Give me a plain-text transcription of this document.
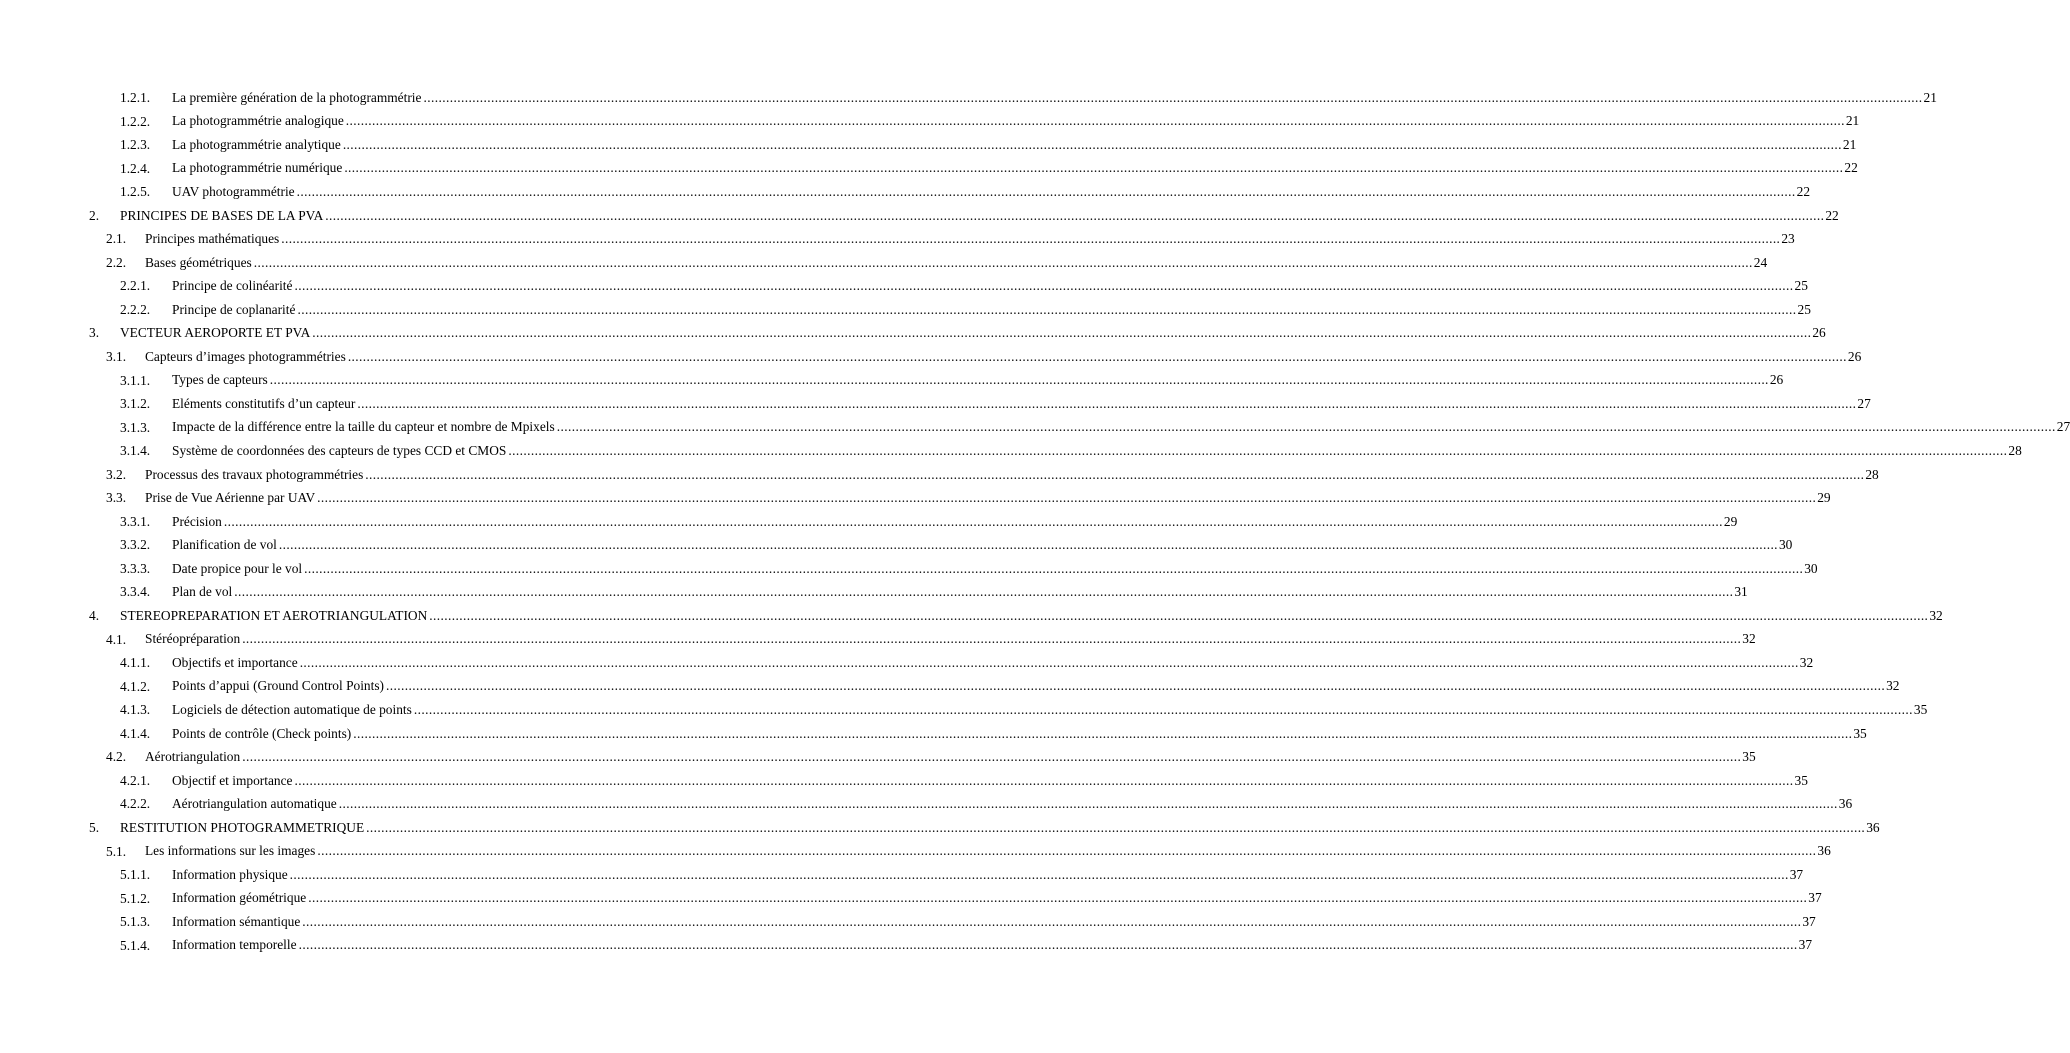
1.2.1. La première génération de la photogrammétrie ................................................................................................................................................................................................................................................................................................................................................................................................................ 21
1.2.2. La photogrammétrie analogique ................................................................................................................................................................................................................................................................................................................................................................................................................ 21
1.2.3. La photogrammétrie analytique ................................................................................................................................................................................................................................................................................................................................................................................................................ 21
1.2.4. La photogrammétrie numérique ................................................................................................................................................................................................................................................................................................................................................................................................................ 22
1.2.5. UAV photogrammétrie ................................................................................................................................................................................................................................................................................................................................................................................................................ 22
2. PRINCIPES DE BASES DE LA PVA ................................................................................................................................................................................................................................................................................................................................................................................................................ 22
2.1. Principes mathématiques ................................................................................................................................................................................................................................................................................................................................................................................................................ 23
2.2. Bases géométriques ................................................................................................................................................................................................................................................................................................................................................................................................................ 24
2.2.1. Principe de colinéarité ................................................................................................................................................................................................................................................................................................................................................................................................................ 25
2.2.2. Principe de coplanarité ................................................................................................................................................................................................................................................................................................................................................................................................................ 25
3. VECTEUR AEROPORTE ET PVA ................................................................................................................................................................................................................................................................................................................................................................................................................ 26
3.1. Capteurs d’images photogrammétries ................................................................................................................................................................................................................................................................................................................................................................................................................ 26
3.1.1. Types de capteurs ................................................................................................................................................................................................................................................................................................................................................................................................................ 26
3.1.2. Eléments constitutifs d’un capteur ................................................................................................................................................................................................................................................................................................................................................................................................................ 27
3.1.3. Impacte de la différence entre la taille du capteur et nombre de Mpixels ................................................................................................................................................................................................................................................................................................................................................................................................................ 27
3.1.4. Système de coordonnées des capteurs de types CCD et CMOS ................................................................................................................................................................................................................................................................................................................................................................................................................ 28
3.2. Processus des travaux photogrammétries ................................................................................................................................................................................................................................................................................................................................................................................................................ 28
3.3. Prise de Vue Aérienne par UAV ................................................................................................................................................................................................................................................................................................................................................................................................................ 29
3.3.1. Précision ................................................................................................................................................................................................................................................................................................................................................................................................................ 29
3.3.2. Planification de vol ................................................................................................................................................................................................................................................................................................................................................................................................................ 30
3.3.3. Date propice pour le vol ................................................................................................................................................................................................................................................................................................................................................................................................................ 30
3.3.4. Plan de vol ................................................................................................................................................................................................................................................................................................................................................................................................................ 31
4. STEREOPREPARATION ET AEROTRIANGULATION ................................................................................................................................................................................................................................................................................................................................................................................................................ 32
4.1. Stéréopréparation ................................................................................................................................................................................................................................................................................................................................................................................................................ 32
4.1.1. Objectifs et importance ................................................................................................................................................................................................................................................................................................................................................................................................................ 32
4.1.2. Points d’appui (Ground Control Points) ................................................................................................................................................................................................................................................................................................................................................................................................................ 32
4.1.3. Logiciels de détection automatique de points ................................................................................................................................................................................................................................................................................................................................................................................................................ 35
4.1.4. Points de contrôle (Check points) ................................................................................................................................................................................................................................................................................................................................................................................................................ 35
4.2. Aérotriangulation ................................................................................................................................................................................................................................................................................................................................................................................................................ 35
4.2.1. Objectif et importance ................................................................................................................................................................................................................................................................................................................................................................................................................ 35
4.2.2. Aérotriangulation automatique ................................................................................................................................................................................................................................................................................................................................................................................................................ 36
5. RESTITUTION PHOTOGRAMMETRIQUE ................................................................................................................................................................................................................................................................................................................................................................................................................ 36
5.1. Les informations sur les images ................................................................................................................................................................................................................................................................................................................................................................................................................ 36
5.1.1. Information physique ................................................................................................................................................................................................................................................................................................................................................................................................................ 37
5.1.2. Information géométrique ................................................................................................................................................................................................................................................................................................................................................................................................................ 37
5.1.3. Information sémantique ................................................................................................................................................................................................................................................................................................................................................................................................................ 37
5.1.4. Information temporelle ................................................................................................................................................................................................................................................................................................................................................................................................................ 37
